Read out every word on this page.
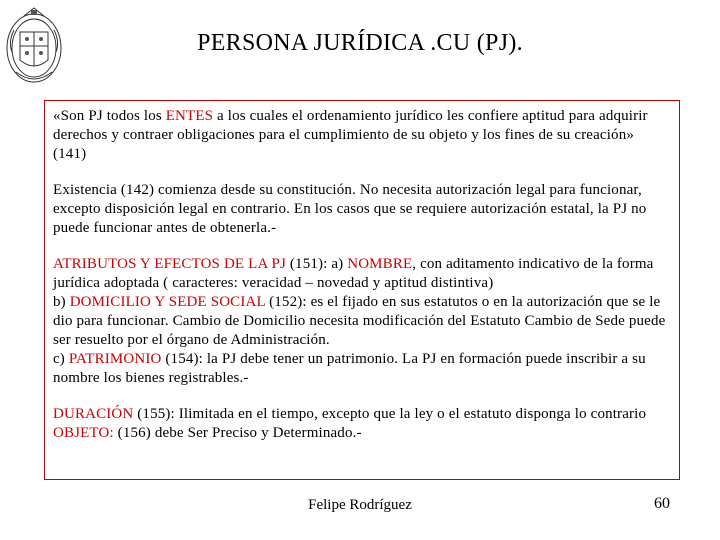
PERSONA JURÍDICA .CU (PJ).

«Son PJ todos los ENTES a los cuales el ordenamiento jurídico les confiere aptitud para adquirir derechos y contraer obligaciones para el cumplimiento de su objeto y los fines de su creación» (141)

Existencia (142) comienza desde su constitución. No necesita autorización legal para funcionar, excepto disposición legal en contrario. En los casos que se requiere autorización estatal, la PJ no puede funcionar antes de obtenerla.-

ATRIBUTOS Y EFECTOS DE LA PJ (151): a) NOMBRE, con aditamento indicativo de la forma jurídica adoptada ( caracteres: veracidad – novedad y aptitud distintiva)
b) DOMICILIO Y SEDE SOCIAL (152): es el fijado en sus estatutos o en la autorización que se le dio para funcionar. Cambio de Domicilio necesita modificación del Estatuto Cambio de Sede puede ser resuelto por el órgano de Administración.
c) PATRIMONIO (154): la PJ debe tener un patrimonio. La PJ en formación puede inscribir a su nombre los bienes registrables.-

DURACIÓN (155): Ilimitada en el tiempo, excepto que la ley o el estatuto disponga lo contrario
OBJETO: (156) debe Ser Preciso y Determinado.-

Felipe Rodríguez	60
